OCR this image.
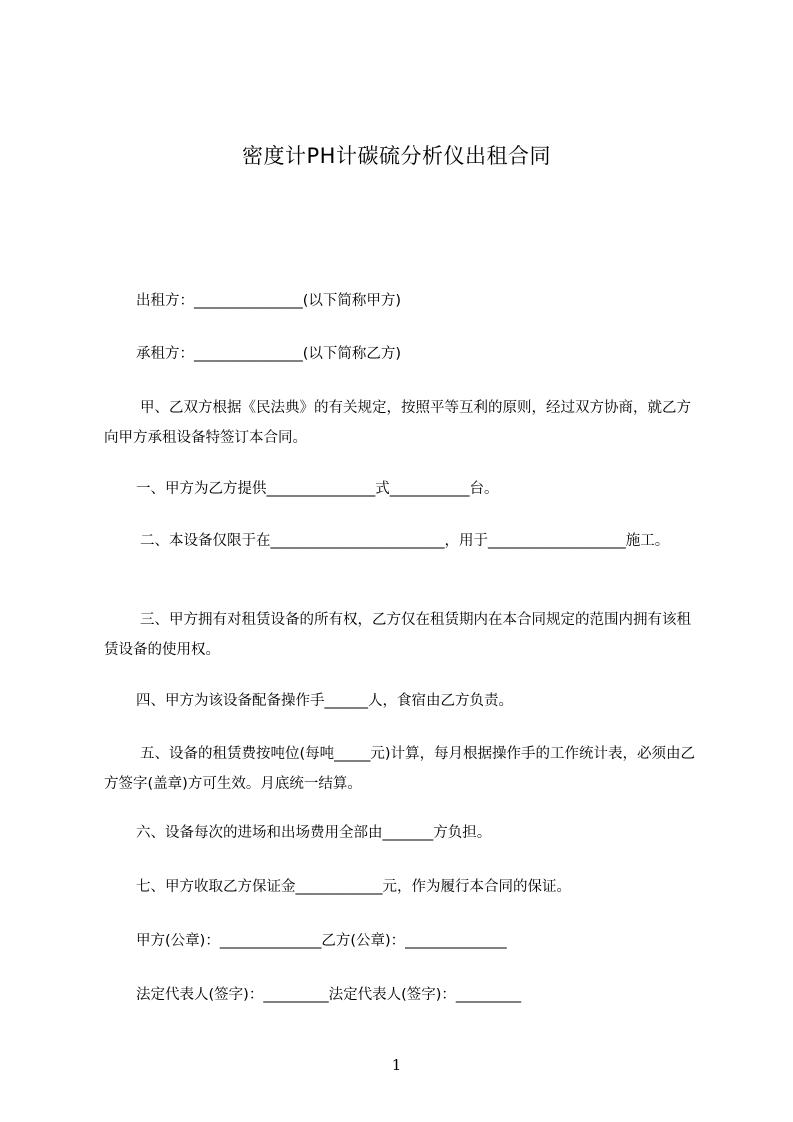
密度计PH计碳硫分析仪出租合同
出租方：_______________(以下简称甲方)
承租方：_______________(以下简称乙方)
甲、乙双方根据《民法典》的有关规定，按照平等互利的原则，经过双方协商，就乙方向甲方承租设备特签订本合同。
一、甲方为乙方提供_______________式___________台。
二、本设备仅限于在________________________，用于___________________施工。
三、甲方拥有对租赁设备的所有权，乙方仅在租赁期内在本合同规定的范围内拥有该租赁设备的使用权。
四、甲方为该设备配备操作手______人，食宿由乙方负责。
五、设备的租赁费按吨位(每吨_____元)计算，每月根据操作手的工作统计表，必须由乙方签字(盖章)方可生效。月底统一结算。
六、设备每次的进场和出场费用全部由_______方负担。
七、甲方收取乙方保证金____________元，作为履行本合同的保证。
甲方(公章)：______________乙方(公章)：______________
法定代表人(签字)：_________法定代表人(签字)：_________
1
